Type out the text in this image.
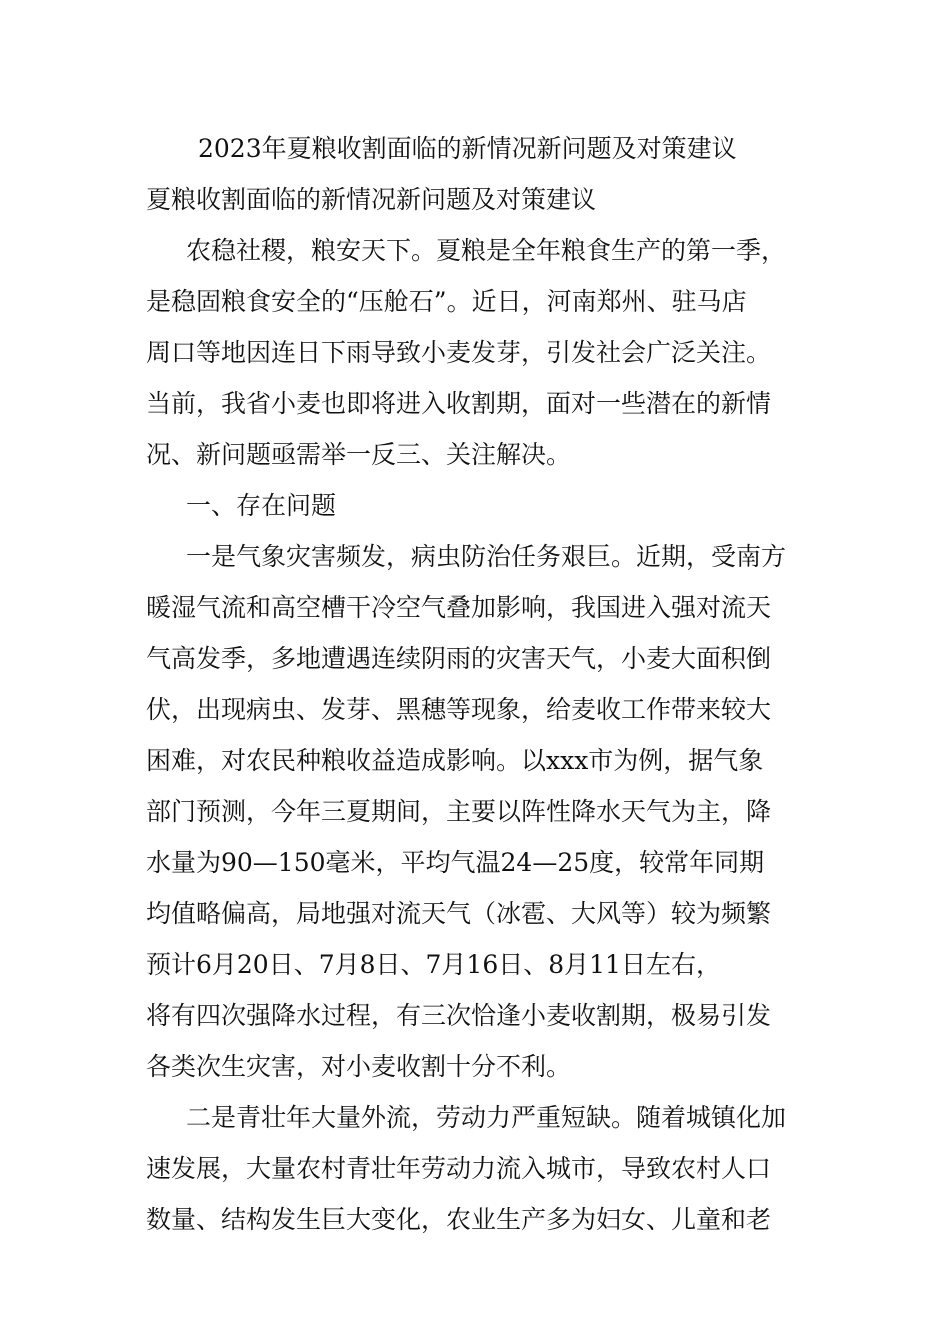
2023年夏粮收割面临的新情况新问题及对策建议
夏粮收割面临的新情况新问题及对策建议
农稳社稷，粮安天下。夏粮是全年粮食生产的第一季，
是稳固粮食安全的“压舱石”。近日，河南郑州、驻马店
周口等地因连日下雨导致小麦发芽，引发社会广泛关注。
当前，我省小麦也即将进入收割期，面对一些潜在的新情
况、新问题亟需举一反三、关注解决。
一、存在问题
一是气象灾害频发，病虫防治任务艰巨。近期，受南方
暖湿气流和高空槽干冷空气叠加影响，我国进入强对流天
气高发季，多地遭遇连续阴雨的灾害天气，小麦大面积倒
伏，出现病虫、发芽、黑穗等现象，给麦收工作带来较大
困难，对农民种粮收益造成影响。以xxx市为例，据气象
部门预测，今年三夏期间，主要以阵性降水天气为主，降
水量为90—150毫米，平均气温24—25度，较常年同期
均值略偏高，局地强对流天气（冰雹、大风等）较为频繁
预计6月20日、7月8日、7月16日、8月11日左右，
将有四次强降水过程，有三次恰逢小麦收割期，极易引发
各类次生灾害，对小麦收割十分不利。
二是青壮年大量外流，劳动力严重短缺。随着城镇化加
速发展，大量农村青壮年劳动力流入城市，导致农村人口
数量、结构发生巨大变化，农业生产多为妇女、儿童和老
